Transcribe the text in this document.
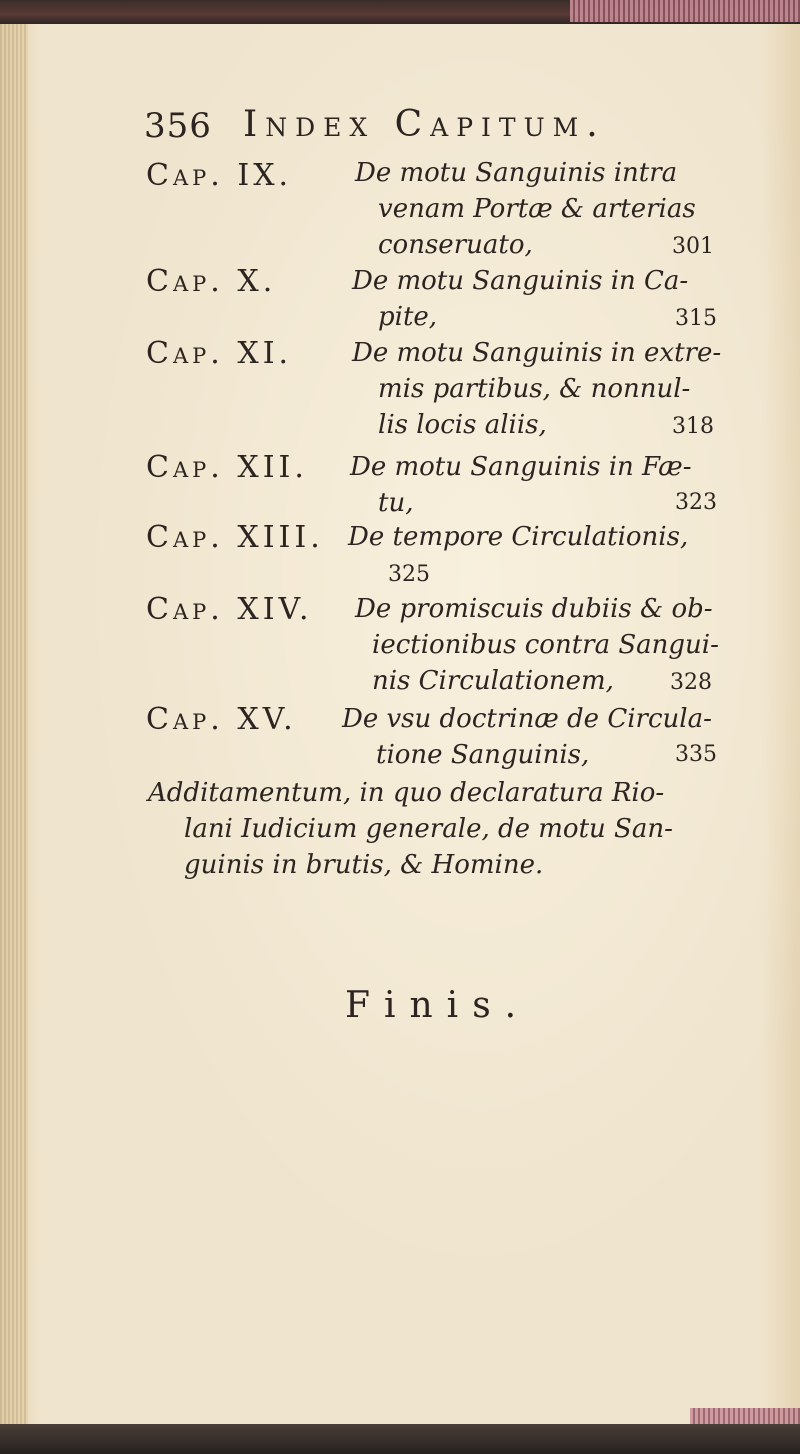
356 Index Capitum.
Cap. IX. De motu Sanguinis intra
venam Portæ & arterias
conseruato,	301
Cap. X.	De motu Sanguinis in Ca-
pite,	315
Cap. XI. De motu Sanguinis in extre-
mis partibus, & nonnul-
lis locis aliis,	318
Cap. XII. De motu Sanguinis in Fæ-
tu,	323
Cap. XIII. De tempore Circulationis,
325
Cap. XIV. De promiscuis dubiis & ob-
iectionibus contra Sangui-
nis Circulationem,	328
Cap. XV. De vsu doctrinæ de Circula-
tione Sanguinis,	335
Additamentum, in quo declaratura Rio-
lani Iudicium generale, de motu San-
guinis in brutis, & Homine.
Finis.
